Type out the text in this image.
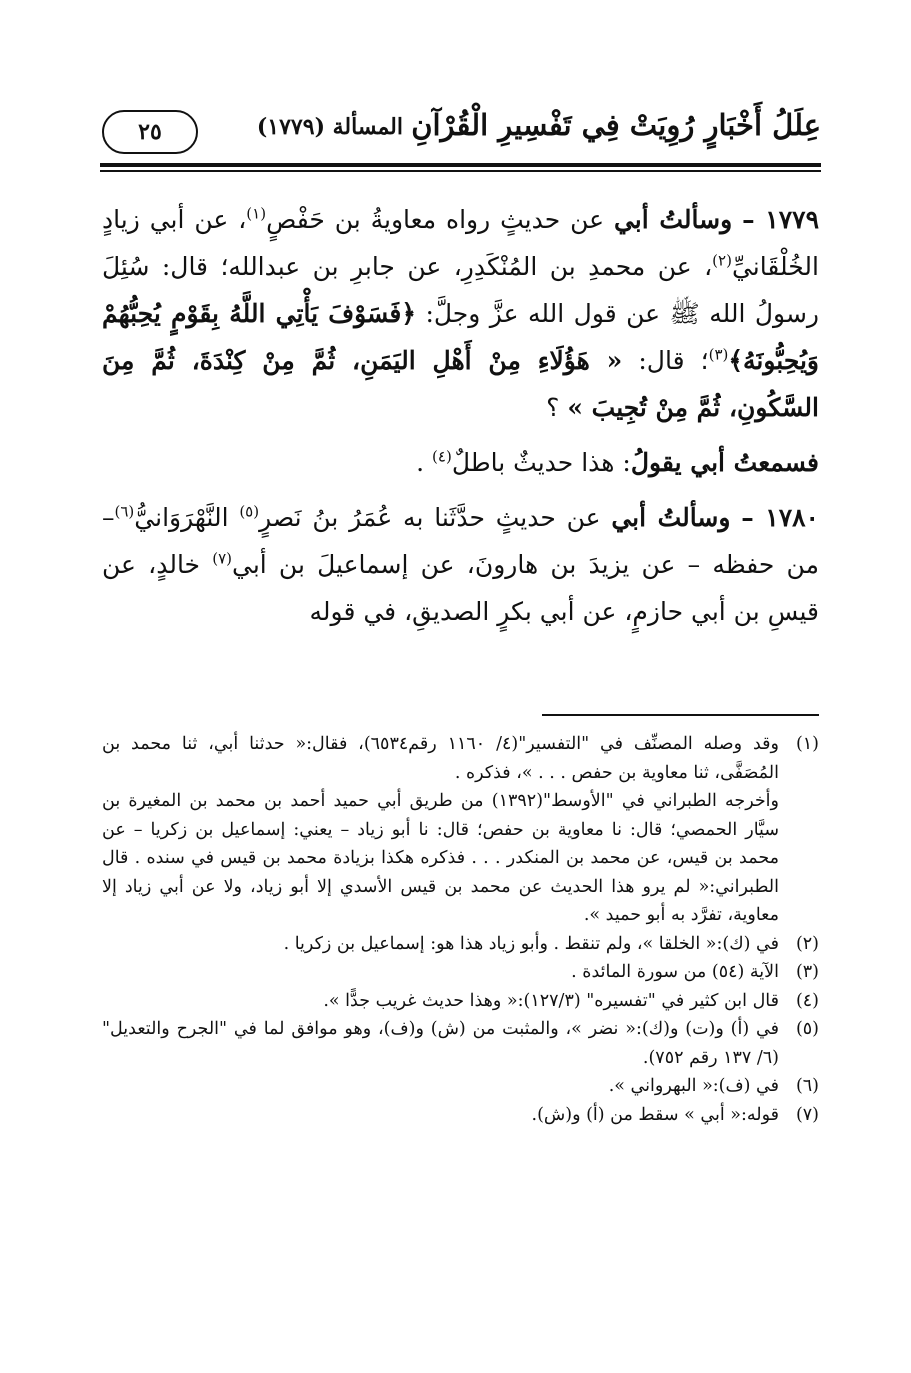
عِلَلُ أَخْبَارٍ رُوِيَتْ فِي تَفْسِيرِ الْقُرْآنِ
المسألة (١٧٧٩)
٢٥

١٧٧٩ – وسألتُ أبي عن حديثٍ رواه معاويةُ بن حَفْصٍ$^{(١)}$، عن أبي زيادٍ الخُلْقَانيِّ$^{(٢)}$، عن محمدِ بن المُنْكَدِرِ، عن جابرِ بن عبدالله؛ قال: سُئِلَ رسولُ الله ﷺ عن قول الله عزَّ وجلَّ: ﴿فَسَوْفَ يَأْتِي اللَّهُ بِقَوْمٍ يُحِبُّهُمْ وَيُحِبُّونَهُ﴾$^{(٣)}$؛ قال: « هَؤُلَاءِ مِنْ أَهْلِ اليَمَنِ، ثُمَّ مِنْ كِنْدَةَ، ثُمَّ مِنَ السَّكُونِ، ثُمَّ مِنْ تُجِيبَ » ؟

فسمعتُ أبي يقولُ: هذا حديثٌ باطلٌ$^{(٤)}$ .

١٧٨٠ – وسألتُ أبي عن حديثٍ حدَّثَنا به عُمَرُ بنُ نَصرٍ$^{(٥)}$ النَّهْرَوَانيُّ$^{(٦)}$– من حفظه – عن يزيدَ بن هارونَ، عن إسماعيلَ بن أبي$^{(٧)}$ خالدٍ، عن قيسِ بن أبي حازمٍ، عن أبي بكرٍ الصديقِ، في قوله

(١)
وقد وصله المصنِّف في "التفسير"(٤/ ١١٦٠ رقم٦٥٣٤)، فقال:« حدثنا أبي، ثنا محمد بن المُصَفَّى، ثنا معاوية بن حفص . . . »، فذكره .
وأخرجه الطبراني في "الأوسط"(١٣٩٢) من طريق أبي حميد أحمد بن محمد بن المغيرة بن سيَّار الحمصي؛ قال: نا معاوية بن حفص؛ قال: نا أبو زياد – يعني: إسماعيل بن زكريا – عن محمد بن قيس، عن محمد بن المنكدر . . . فذكره هكذا بزيادة محمد بن قيس في سنده . قال الطبراني:« لم يرو هذا الحديث عن محمد بن قيس الأسدي إلا أبو زياد، ولا عن أبي زياد إلا معاوية، تفرَّد به أبو حميد ».
(٢)
في (ك):« الخلقا »، ولم تنقط . وأبو زياد هذا هو: إسماعيل بن زكريا .
(٣)
الآية (٥٤) من سورة المائدة .
(٤)
قال ابن كثير في "تفسيره" (١٢٧/٣):« وهذا حديث غريب جدًّا ».
(٥)
في (أ) و(ت) و(ك):« نضر »، والمثبت من (ش) و(ف)، وهو موافق لما في "الجرح والتعديل" (٦/ ١٣٧ رقم ٧٥٢).
(٦)
في (ف):« البهرواني ».
(٧)
قوله:« أبي » سقط من (أ) و(ش).
